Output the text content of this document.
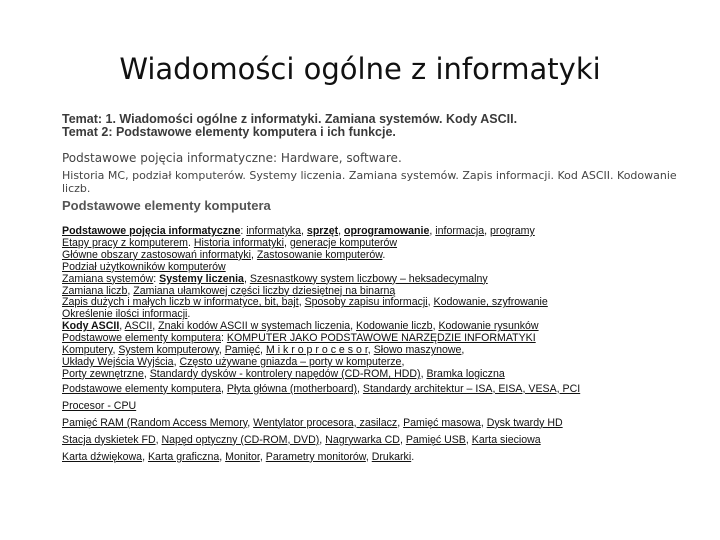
Wiadomości ogólne z informatyki
Temat: 1. Wiadomości ogólne z informatyki. Zamiana systemów. Kody ASCII.
Temat 2: Podstawowe elementy komputera i ich funkcje.
Podstawowe pojęcia informatyczne: Hardware, software.
Historia MC, podział komputerów. Systemy liczenia. Zamiana systemów. Zapis informacji. Kod ASCII. Kodowanie liczb.
Podstawowe elementy komputera
Podstawowe pojęcia informatyczne: informatyka, sprzęt, oprogramowanie, informacja, programy
Etapy pracy z komputerem. Historia informatyki, generacje komputerów
Główne obszary zastosowań informatyki, Zastosowanie komputerów.
Podział użytkowników komputerów
Zamiana systemów: Systemy liczenia, Szesnastkowy system liczbowy – heksadecymalny
Zamiana liczb, Zamiana ułamkowej części liczby dziesiętnej na binarną
Zapis dużych i małych liczb w informatyce, bit, bajt, Sposoby zapisu informacji, Kodowanie, szyfrowanie
Określenie ilości informacji.
Kody ASCII, ASCII, Znaki kodów ASCII w systemach liczenia, Kodowanie liczb, Kodowanie rysunków
Podstawowe elementy komputera: KOMPUTER JAKO PODSTAWOWE NARZĘDZIE INFORMATYKI
Komputery, System komputerowy, Pamięć, M i k r o p r o c e s o r, Słowo maszynowe,
Układy Wejścia Wyjścia, Często używane gniazda – porty w komputerze,
Porty zewnętrzne, Standardy dysków - kontrolery napędów (CD-ROM, HDD), Bramka logiczna
Podstawowe elementy komputera, Płyta główna (motherboard), Standardy architektur – ISA, EISA, VESA, PCI
Procesor - CPU
Pamięć RAM (Random Access Memory, Wentylator procesora, zasilacz, Pamięć masowa, Dysk twardy HD
Stacja dyskietek FD, Napęd optyczny (CD-ROM, DVD), Nagrywarka CD, Pamięć USB, Karta sieciowa
Karta dźwiękowa, Karta graficzna, Monitor, Parametry monitorów, Drukarki.
